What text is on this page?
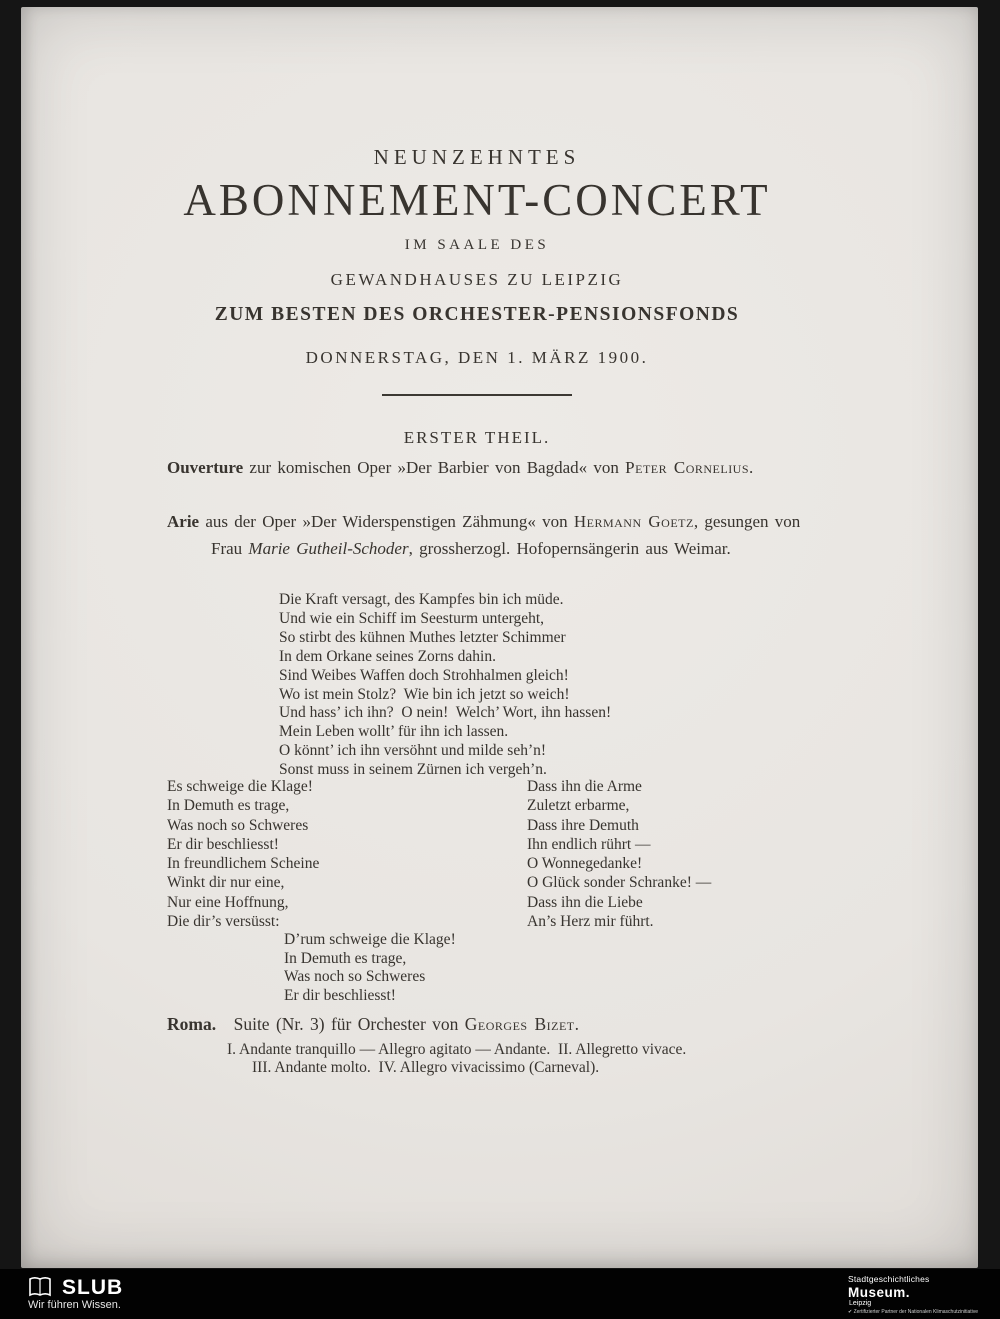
NEUNZEHNTES
ABONNEMENT-CONCERT
IM SAALE DES
GEWANDHAUSES ZU LEIPZIG
ZUM BESTEN DES ORCHESTER-PENSIONSFONDS
DONNERSTAG, DEN 1. MÄRZ 1900.
ERSTER THEIL.
Ouverture zur komischen Oper »Der Barbier von Bagdad« von Peter Cornelius.
Arie aus der Oper »Der Widerspenstigen Zähmung« von Hermann Goetz, gesungen von Frau Marie Gutheil-Schoder, grossherzogl. Hofopernsängerin aus Weimar.
Die Kraft versagt, des Kampfes bin ich müde.
Und wie ein Schiff im Seesturm untergeht,
So stirbt des kühnen Muthes letzter Schimmer
In dem Orkane seines Zorns dahin.
Sind Weibes Waffen doch Strohhalmen gleich!
Wo ist mein Stolz?  Wie bin ich jetzt so weich!
Und hass’ ich ihn?  O nein!  Welch’ Wort, ihn hassen!
Mein Leben wollt’ für ihn ich lassen.
O könnt’ ich ihn versöhnt und milde seh’n!
Sonst muss in seinem Zürnen ich vergeh’n.
Es schweige die Klage!
In Demuth es trage,
Was noch so Schweres
Er dir beschliesst!
In freundlichem Scheine
Winkt dir nur eine,
Nur eine Hoffnung,
Die dir’s versüsst:
Dass ihn die Arme
Zuletzt erbarme,
Dass ihre Demuth
Ihn endlich rührt —
O Wonnegedanke!
O Glück sonder Schranke! —
Dass ihn die Liebe
An’s Herz mir führt.
D’rum schweige die Klage!
In Demuth es trage,
Was noch so Schweres
Er dir beschliesst!
Roma.  Suite (Nr. 3) für Orchester von Georges Bizet.
I. Andante tranquillo — Allegro agitato — Andante. II. Allegretto vivace.
III. Andante molto. IV. Allegro vivacissimo (Carneval).
SLUB
Wir führen Wissen.
Stadtgeschichtliches
Museum.
Leipzig
✔ Zertifizierter Partner der Nationalen Klimaschutzinitiative
